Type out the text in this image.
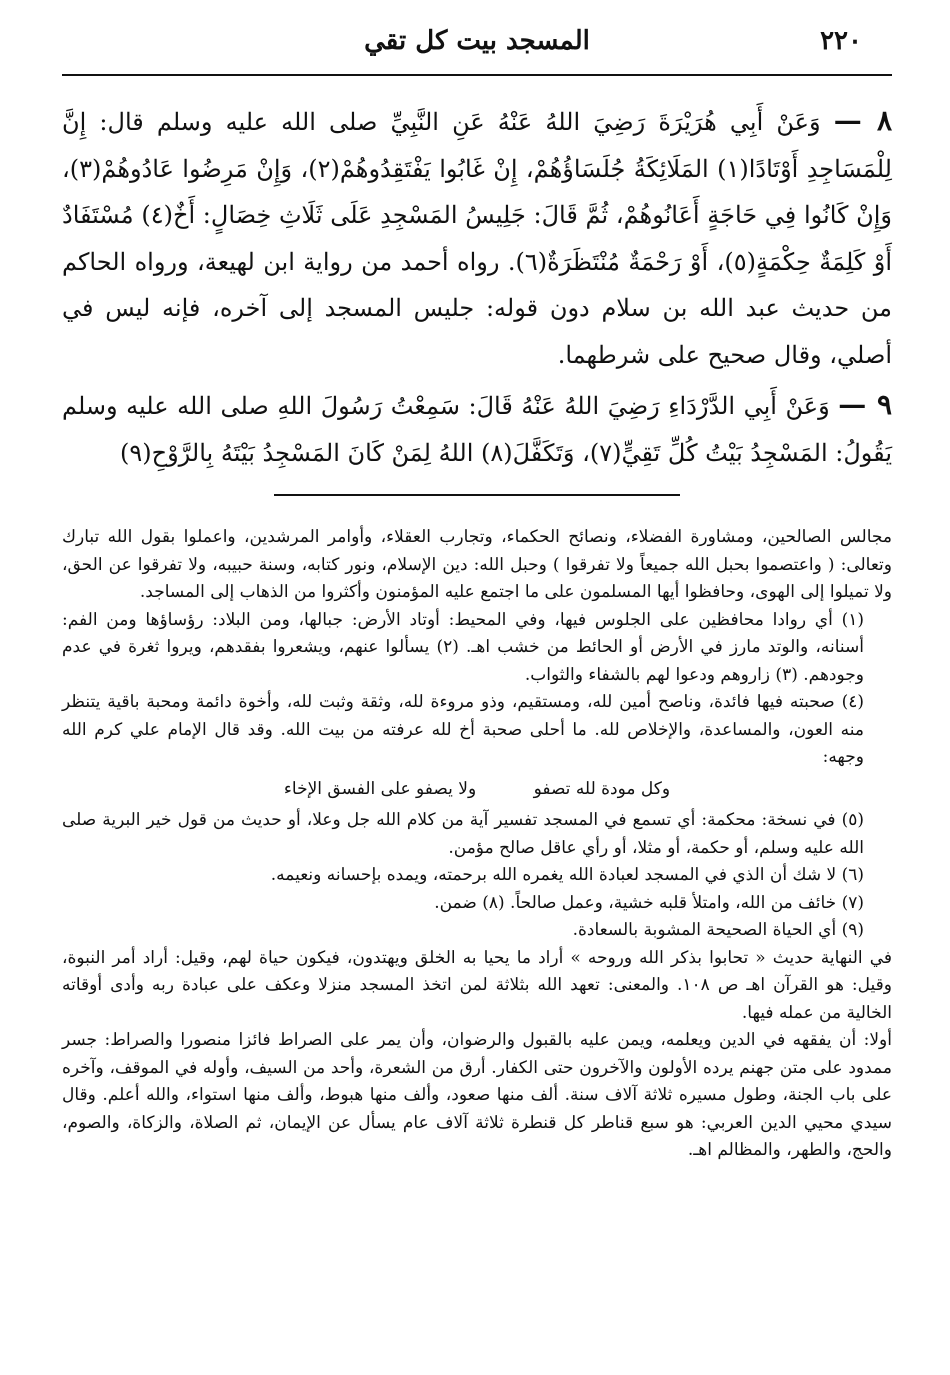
٢٢٠
المسجد بيت كل تقي

٨ — وَعَنْ أَبِي هُرَيْرَةَ رَضِيَ اللهُ عَنْهُ عَنِ النَّبِيِّ صلى الله عليه وسلم قال: إِنَّ لِلْمَسَاجِدِ أَوْتَادًا(١) المَلَائِكَةُ جُلَسَاؤُهُمْ، إِنْ غَابُوا يَفْتَقِدُوهُمْ(٢)، وَإِنْ مَرِضُوا عَادُوهُمْ(٣)، وَإِنْ كَانُوا فِي حَاجَةٍ أَعَانُوهُمْ، ثُمَّ قَالَ: جَلِيسُ المَسْجِدِ عَلَى ثَلَاثِ خِصَالٍ: أَخٌ(٤) مُسْتَفَادٌ أَوْ كَلِمَةٌ حِكْمَةٍ(٥)، أَوْ رَحْمَةٌ مُنْتَظَرَةٌ(٦). رواه أحمد من رواية ابن لهيعة، ورواه الحاكم من حديث عبد الله بن سلام دون قوله: جليس المسجد إلى آخره، فإنه ليس في أصلي، وقال صحيح على شرطهما.

٩ — وَعَنْ أَبِي الدَّرْدَاءِ رَضِيَ اللهُ عَنْهُ قَالَ: سَمِعْتُ رَسُولَ اللهِ صلى الله عليه وسلم يَقُولُ: المَسْجِدُ بَيْتُ كُلِّ تَقِيٍّ(٧)، وَتَكَفَّلَ(٨) اللهُ لِمَنْ كَانَ المَسْجِدُ بَيْتَهُ بِالرَّوْحِ(٩)

مجالس الصالحين، ومشاورة الفضلاء، ونصائح الحكماء، وتجارب العقلاء، وأوامر المرشدين، واعملوا بقول الله تبارك وتعالى: ( واعتصموا بحبل الله جميعاً ولا تفرقوا ) وحبل الله: دين الإسلام، ونور كتابه، وسنة حبيبه، ولا تفرقوا عن الحق، ولا تميلوا إلى الهوى، وحافظوا أيها المسلمون على ما اجتمع عليه المؤمنون وأكثروا من الذهاب إلى المساجد.

(١) أي روادا محافظين على الجلوس فيها، وفي المحيط: أوتاد الأرض: جبالها، ومن البلاد: رؤساؤها ومن الفم: أسنانه، والوتد مارز في الأرض أو الحائط من خشب اهـ. (٢) يسألوا عنهم، ويشعروا بفقدهم، ويروا ثغرة في عدم وجودهم. (٣) زاروهم ودعوا لهم بالشفاء والثواب.

(٤) صحبته فيها فائدة، وناصح أمين لله، ومستقيم، وذو مروءة لله، وثقة وثبت لله، وأخوة دائمة ومحبة باقية يتنظر منه العون، والمساعدة، والإخلاص لله. ما أحلى صحبة أخ لله عرفته من بيت الله. وقد قال الإمام علي كرم الله وجهه:

وكل مودة لله تصفو ولا يصفو على الفسق الإخاء

(٥) في نسخة: محكمة: أي تسمع في المسجد تفسير آية من كلام الله جل وعلا، أو حديث من قول خير البرية صلى الله عليه وسلم، أو حكمة، أو مثلا، أو رأي عاقل صالح مؤمن.

(٦) لا شك أن الذي في المسجد لعبادة الله يغمره الله برحمته، ويمده بإحسانه ونعيمه.

(٧) خائف من الله، وامتلأ قلبه خشية، وعمل صالحاً. (٨) ضمن.

(٩) أي الحياة الصحيحة المشوبة بالسعادة.

في النهاية حديث « تحابوا بذكر الله وروحه » أراد ما يحيا به الخلق ويهتدون، فيكون حياة لهم، وقيل: أراد أمر النبوة، وقيل: هو القرآن اهـ ص ١٠٨. والمعنى: تعهد الله بثلاثة لمن اتخذ المسجد منزلا وعكف على عبادة ربه وأدى أوقاته الخالية من عمله فيها.

أولا: أن يفقهه في الدين ويعلمه، ويمن عليه بالقبول والرضوان، وأن يمر على الصراط فائزا منصورا والصراط: جسر ممدود على متن جهنم يرده الأولون والآخرون حتى الكفار. أرق من الشعرة، وأحد من السيف، وأوله في الموقف، وآخره على باب الجنة، وطول مسيره ثلاثة آلاف سنة. ألف منها صعود، وألف منها هبوط، وألف منها استواء، والله أعلم. وقال سيدي محيي الدين العربي: هو سبع قناطر كل قنطرة ثلاثة آلاف عام يسأل عن الإيمان، ثم الصلاة، والزكاة، والصوم، والحج، والطهر، والمظالم اهـ.
